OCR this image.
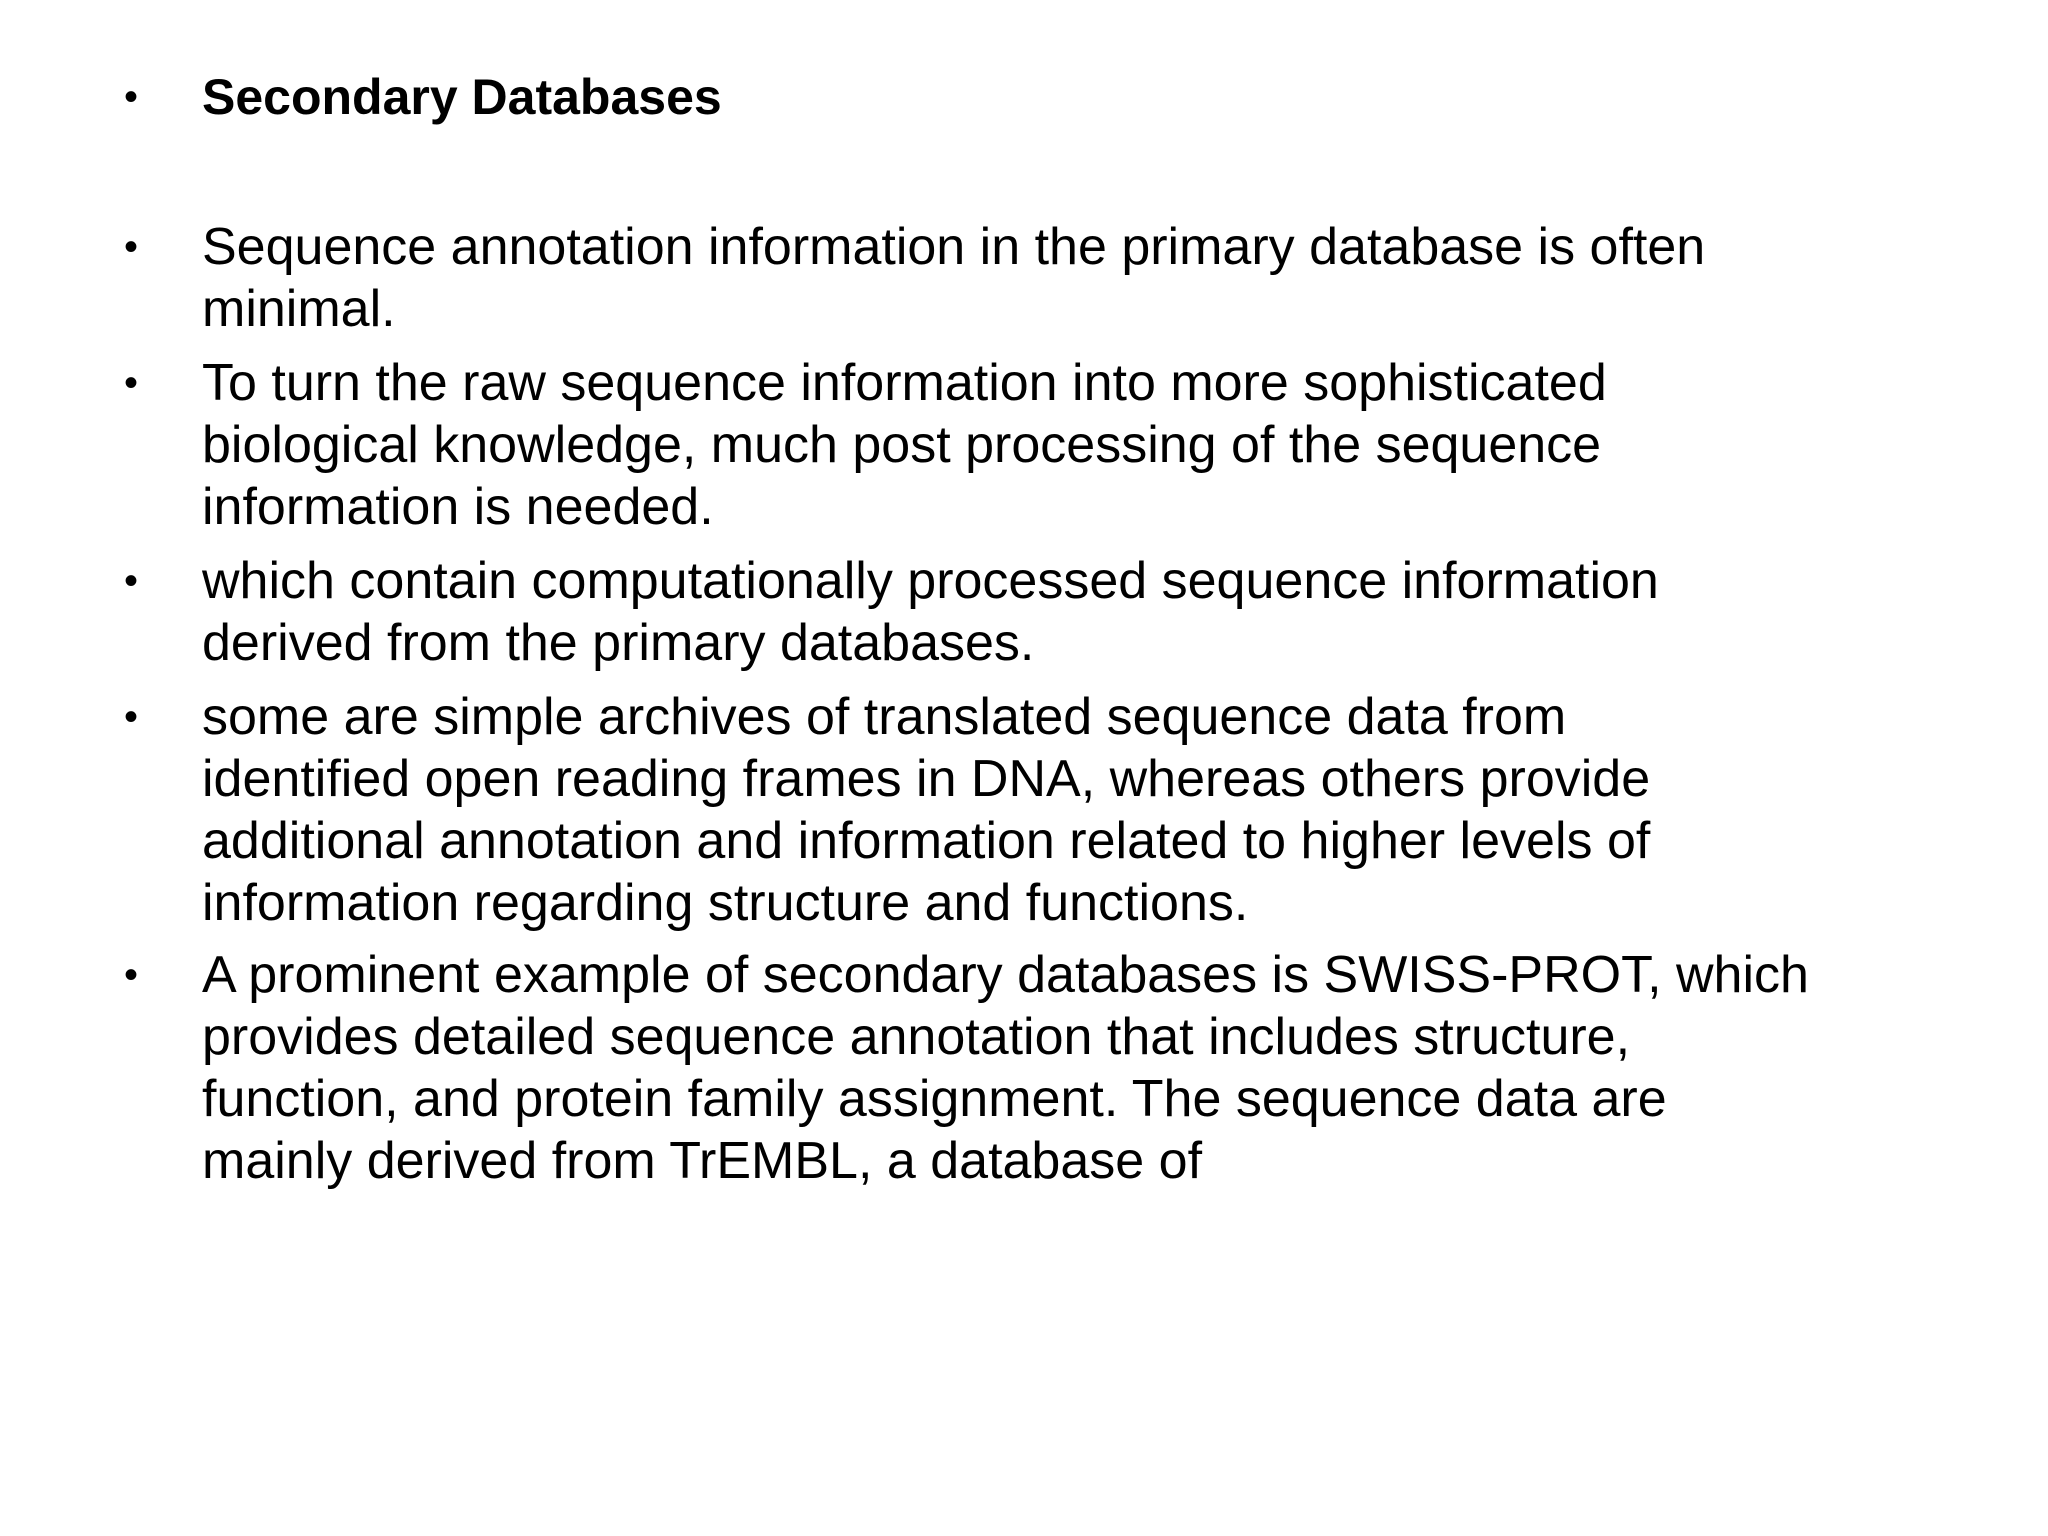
•	Secondary Databases
•	Sequence annotation information in the primary database is often
minimal.
•	To turn the raw sequence information into more sophisticated
biological knowledge, much post processing of the sequence
information is needed.
•	which contain computationally processed sequence information
derived from the primary databases.
•	some are simple archives of translated sequence data from
identified open reading frames in DNA, whereas others provide
additional annotation and information related to higher levels of
information regarding structure and functions.
•	A prominent example of secondary databases is SWISS-PROT, which
provides detailed sequence annotation that includes structure,
function, and protein family assignment. The sequence data are
mainly derived from TrEMBL, a database of
